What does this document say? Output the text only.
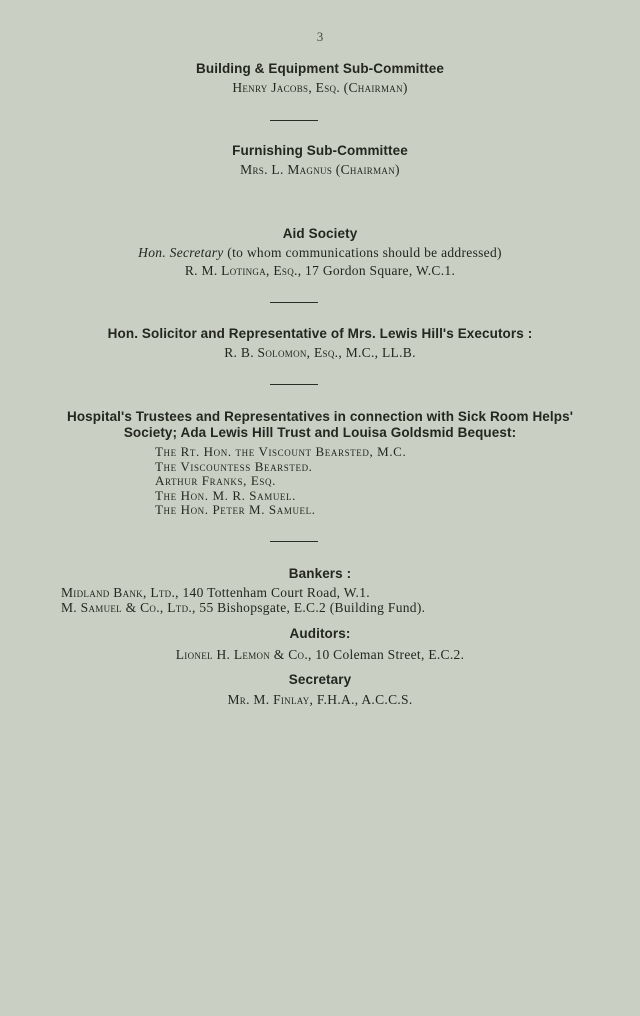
3
Building & Equipment Sub-Committee
Henry Jacobs, Esq. (Chairman)
Furnishing Sub-Committee
Mrs. L. Magnus (Chairman)
Aid Society
Hon. Secretary (to whom communications should be addressed)
R. M. Lotinga, Esq., 17 Gordon Square, W.C.1.
Hon. Solicitor and Representative of Mrs. Lewis Hill's Executors :
R. B. Solomon, Esq., M.C., LL.B.
Hospital's Trustees and Representatives in connection with Sick Room Helps'
Society; Ada Lewis Hill Trust and Louisa Goldsmid Bequest:
The Rt. Hon. the Viscount Bearsted, M.C.
The Viscountess Bearsted.
Arthur Franks, Esq.
The Hon. M. R. Samuel.
The Hon. Peter M. Samuel.
Bankers :
Midland Bank, Ltd., 140 Tottenham Court Road, W.1.
M. Samuel & Co., Ltd., 55 Bishopsgate, E.C.2 (Building Fund).
Auditors:
Lionel H. Lemon & Co., 10 Coleman Street, E.C.2.
Secretary
Mr. M. Finlay, F.H.A., A.C.C.S.
